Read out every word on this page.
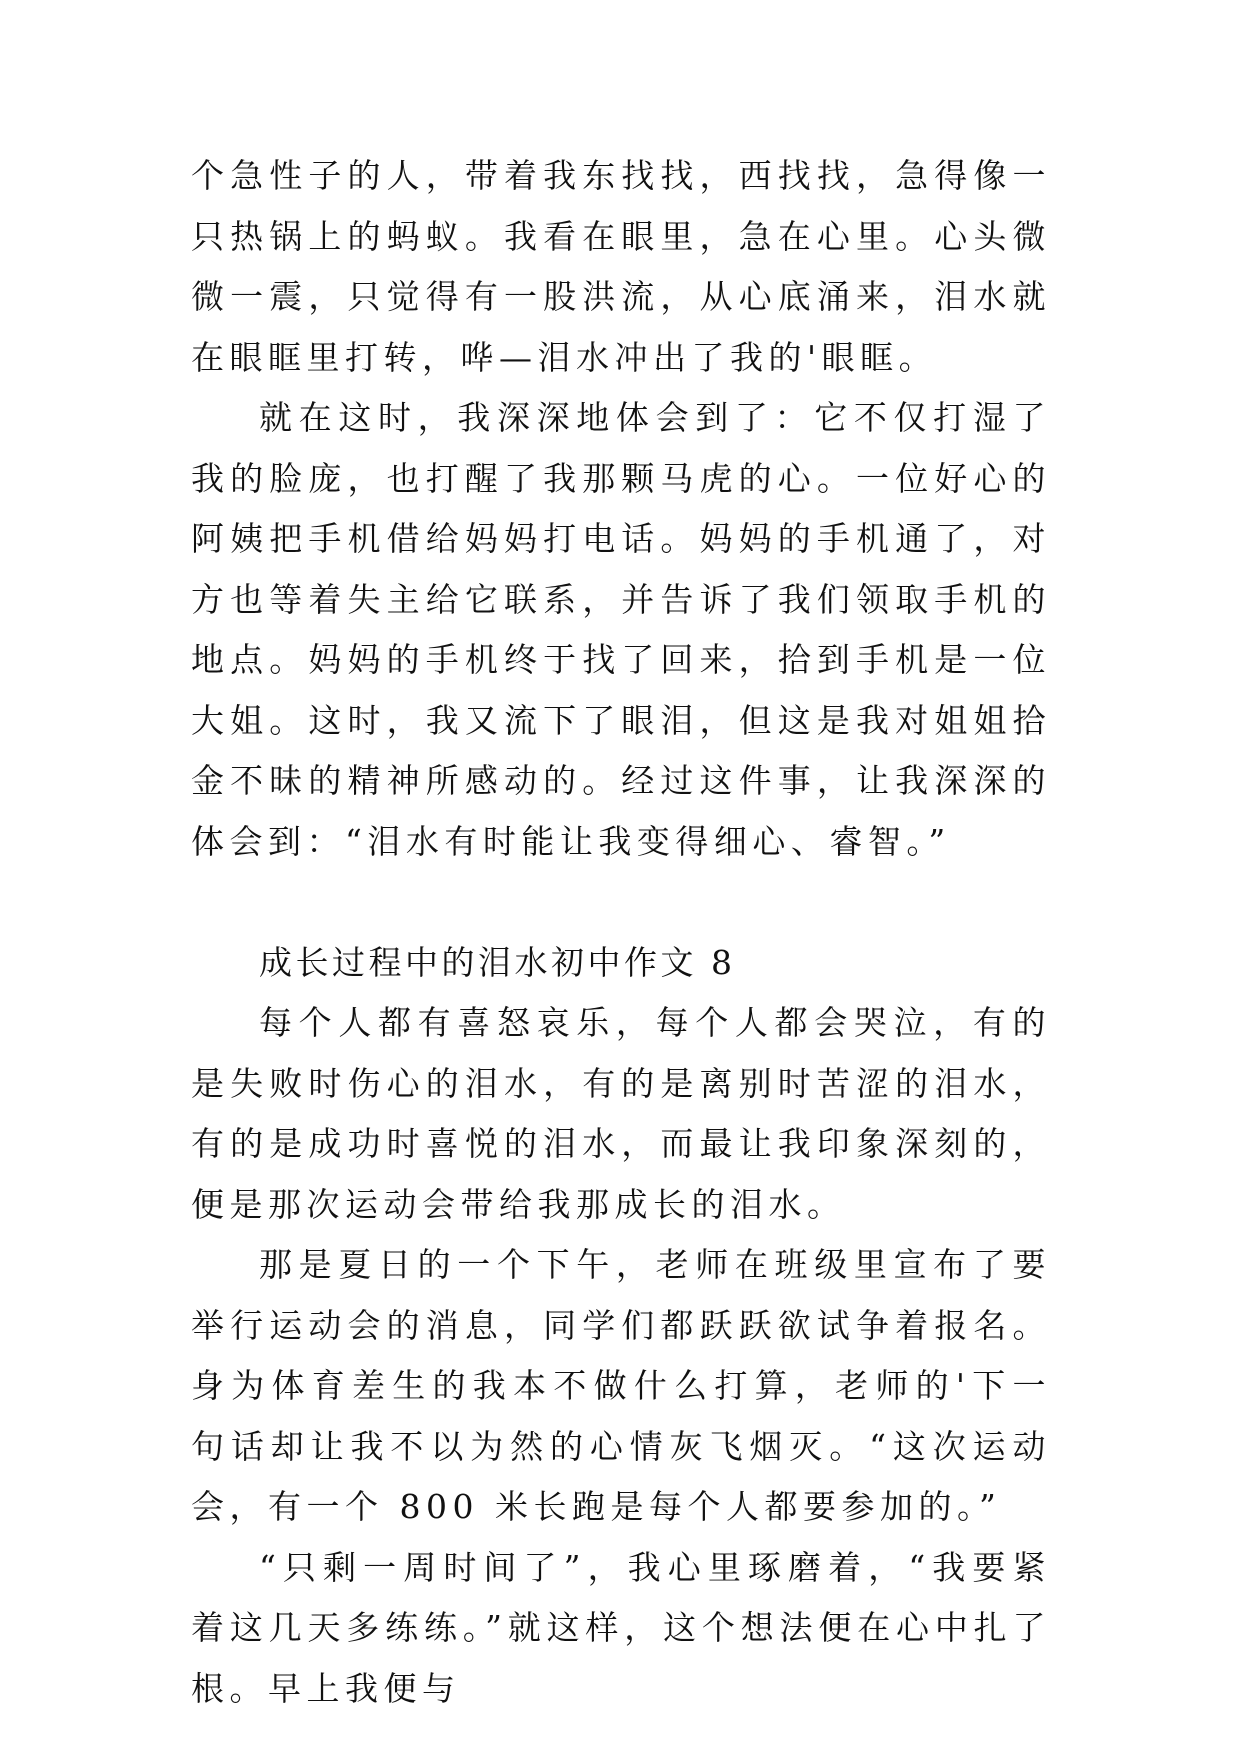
个急性子的人，带着我东找找，西找找，急得像一只热锅上的蚂蚁。我看在眼里，急在心里。心头微微一震，只觉得有一股洪流，从心底涌来，泪水就在眼眶里打转，哗—泪水冲出了我的'眼眶。

就在这时，我深深地体会到了：它不仅打湿了我的脸庞，也打醒了我那颗马虎的心。一位好心的阿姨把手机借给妈妈打电话。妈妈的手机通了，对方也等着失主给它联系，并告诉了我们领取手机的地点。妈妈的手机终于找了回来，拾到手机是一位大姐。这时，我又流下了眼泪，但这是我对姐姐拾金不昧的精神所感动的。经过这件事，让我深深的体会到：“泪水有时能让我变得细心、睿智。”

成长过程中的泪水初中作文 8

每个人都有喜怒哀乐，每个人都会哭泣，有的是失败时伤心的泪水，有的是离别时苦涩的泪水，有的是成功时喜悦的泪水，而最让我印象深刻的，便是那次运动会带给我那成长的泪水。

那是夏日的一个下午，老师在班级里宣布了要举行运动会的消息，同学们都跃跃欲试争着报名。身为体育差生的我本不做什么打算，老师的'下一句话却让我不以为然的心情灰飞烟灭。“这次运动会，有一个 800 米长跑是每个人都要参加的。”

“只剩一周时间了”，我心里琢磨着，“我要紧着这几天多练练。”就这样，这个想法便在心中扎了根。早上我便与
